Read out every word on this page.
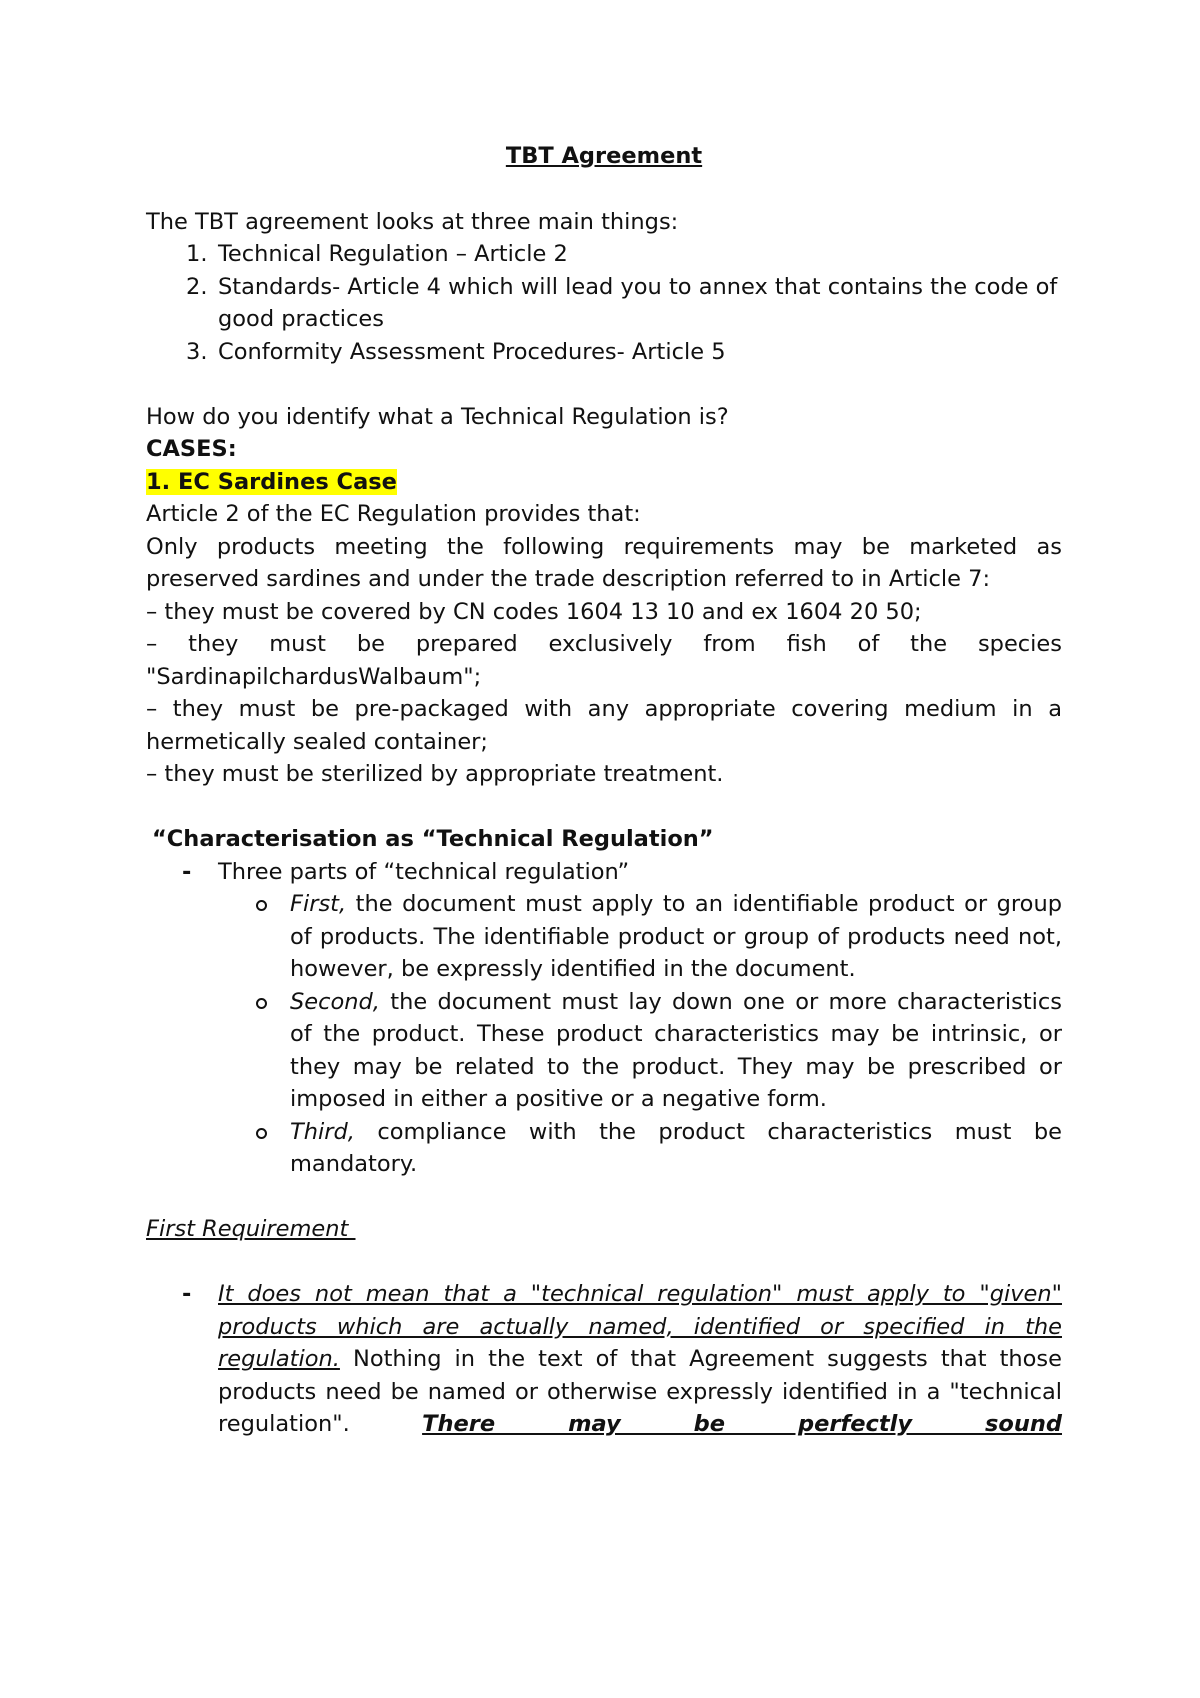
TBT Agreement

The TBT agreement looks at three main things:

1. Technical Regulation – Article 2
2. Standards- Article 4 which will lead you to annex that contains the code of good practices
3. Conformity Assessment Procedures- Article 5

How do you identify what a Technical Regulation is?

CASES:

1. EC Sardines Case

Article 2 of the EC Regulation provides that:

Only products meeting the following requirements may be marketed as preserved sardines and under the trade description referred to in Article 7:

– they must be covered by CN codes 1604 13 10 and ex 1604 20 50;

– they must be prepared exclusively from fish of the species "SardinapilchardusWalbaum";

– they must be pre-packaged with any appropriate covering medium in a hermetically sealed container;

– they must be sterilized by appropriate treatment.

“Characterisation as “Technical Regulation”

-	Three parts of “technical regulation”
First, the document must apply to an identifiable product or group of products. The identifiable product or group of products need not, however, be expressly identified in the document.
Second, the document must lay down one or more characteristics of the product. These product characteristics may be intrinsic, or they may be related to the product. They may be prescribed or imposed in either a positive or a negative form.
Third, compliance with the product characteristics must be mandatory.

First Requirement

-	It does not mean that a "technical regulation" must apply to "given" products which are actually named, identified or specified in the regulation. Nothing in the text of that Agreement suggests that those products need be named or otherwise expressly identified in a "technical regulation". There may be perfectly sound
